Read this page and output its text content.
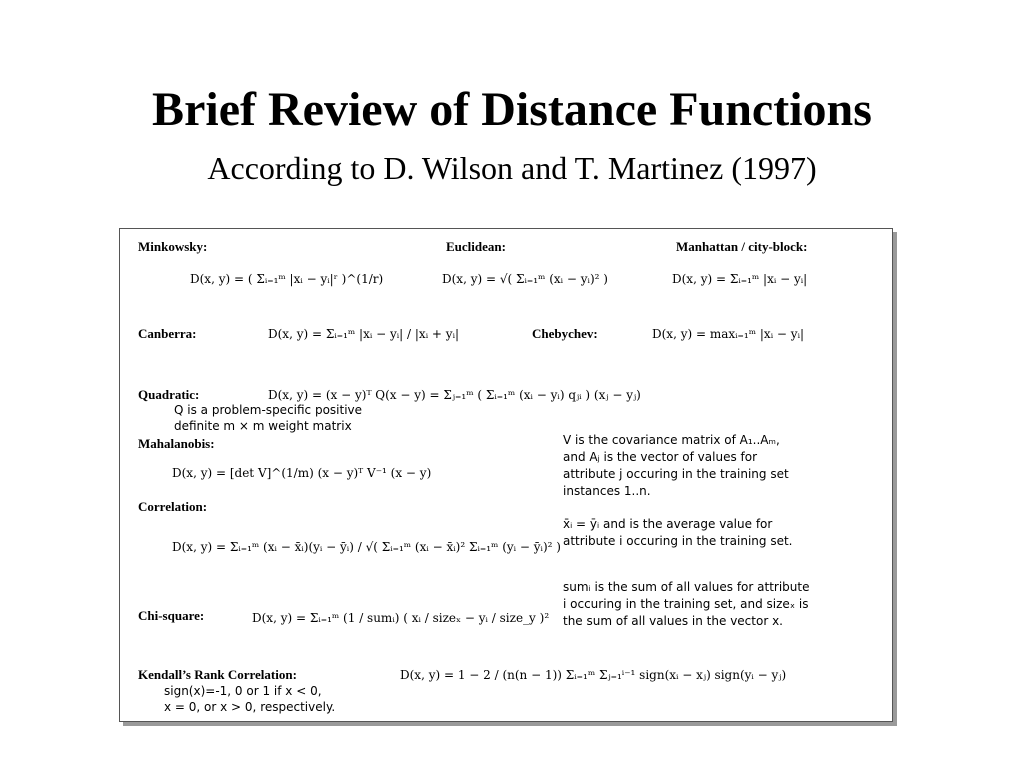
Brief Review of Distance Functions
According to D. Wilson and T. Martinez (1997)
Minkowsky:
D(x, y) = ( Σᵢ₌₁ᵐ |xᵢ − yᵢ|ʳ )^(1/r)
Euclidean:
D(x, y) = √( Σᵢ₌₁ᵐ (xᵢ − yᵢ)² )
Manhattan / city-block:
D(x, y) = Σᵢ₌₁ᵐ |xᵢ − yᵢ|
Canberra:	D(x, y) = Σᵢ₌₁ᵐ |xᵢ − yᵢ| / |xᵢ + yᵢ|	Chebychev:	D(x, y) = maxᵢ₌₁ᵐ |xᵢ − yᵢ|
Quadratic:	D(x, y) = (x − y)ᵀ Q(x − y) = Σⱼ₌₁ᵐ ( Σᵢ₌₁ᵐ (xᵢ − yᵢ) qⱼᵢ ) (xⱼ − yⱼ)
Q is a problem-specific positive
definite m × m weight matrix
Mahalanobis:
D(x, y) = [det V]^(1/m) (x − y)ᵀ V⁻¹ (x − y)
V is the covariance matrix of A₁..Aₘ,
and Aⱼ is the vector of values for
attribute j occuring in the training set
instances 1..n.
Correlation:
D(x, y) = Σᵢ₌₁ᵐ (xᵢ − x̄ᵢ)(yᵢ − ȳᵢ) / √( Σᵢ₌₁ᵐ (xᵢ − x̄ᵢ)² Σᵢ₌₁ᵐ (yᵢ − ȳᵢ)² )
x̄ᵢ = ȳᵢ and is the average value for
attribute i occuring in the training set.
Chi-square:	D(x, y) = Σᵢ₌₁ᵐ (1 / sumᵢ) ( xᵢ / sizeₓ − yᵢ / size_y )²
sumᵢ is the sum of all values for attribute
i occuring in the training set, and sizeₓ is
the sum of all values in the vector x.
Kendall’s Rank Correlation:	D(x, y) = 1 − 2 / (n(n − 1)) Σᵢ₌₁ᵐ Σⱼ₌₁ⁱ⁻¹ sign(xᵢ − xⱼ) sign(yᵢ − yⱼ)
sign(x)=-1, 0 or 1 if x < 0,
x = 0, or x > 0, respectively.
